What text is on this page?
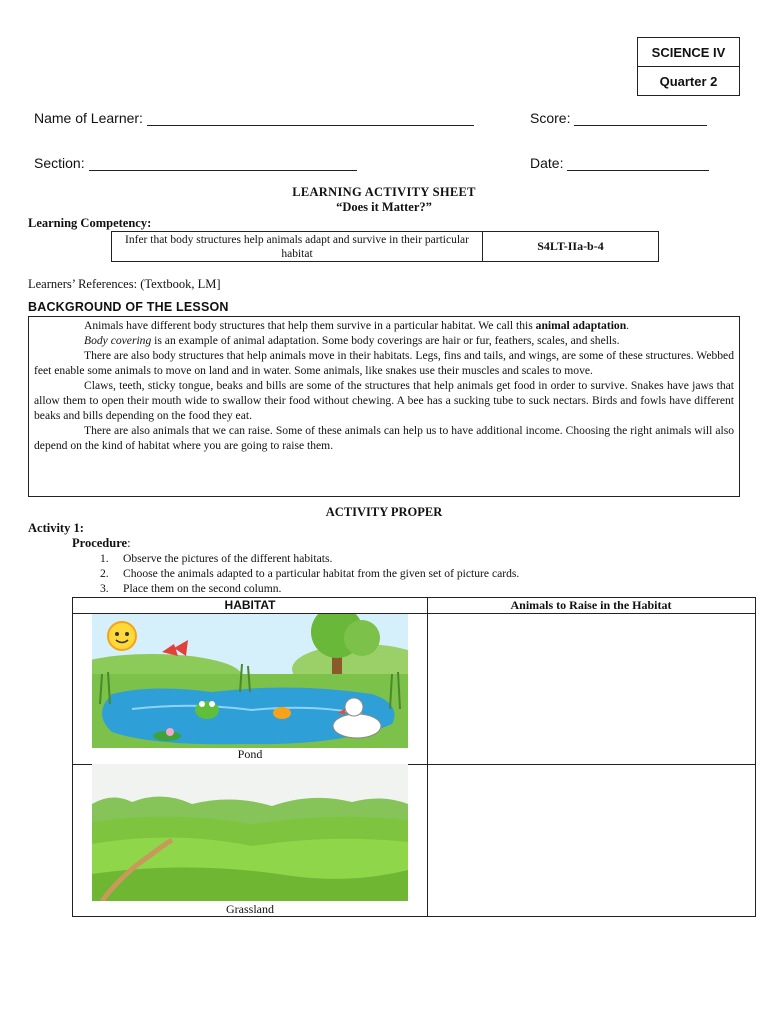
SCIENCE IV
Quarter 2
Name of Learner:	Score:
Section:	Date:
LEARNING ACTIVITY SHEET
“Does it Matter?”
Learning Competency:
Infer that body structures help animals adapt and survive in their particular habitat
S4LT-IIa-b-4
Learners’ References: (Textbook, LM]
BACKGROUND OF THE LESSON

Animals have different body structures that help them survive in a particular habitat. We call this animal adaptation.

Body covering is an example of animal adaptation. Some body coverings are hair or fur, feathers, scales, and shells.

There are also body structures that help animals move in their habitats. Legs, fins and tails, and wings, are some of these structures. Webbed feet enable some animals to move on land and in water. Some animals, like snakes use their muscles and scales to move.

Claws, teeth, sticky tongue, beaks and bills are some of the structures that help animals get food in order to survive. Snakes have jaws that allow them to open their mouth wide to swallow their food without chewing. A bee has a sucking tube to suck nectars. Birds and fowls have different beaks and bills depending on the food they eat.

There are also animals that we can raise. Some of these animals can help us to have additional income. Choosing the right animals will also depend on the kind of habitat where you are going to raise them.

ACTIVITY PROPER
Activity 1:
Procedure:
1.	Observe the pictures of the different habitats.
2.	Choose the animals adapted to a particular habitat from the given set of picture cards.
3.	Place them on the second column.
HABITAT	Animals to Raise in the Habitat
Pond
Grassland
